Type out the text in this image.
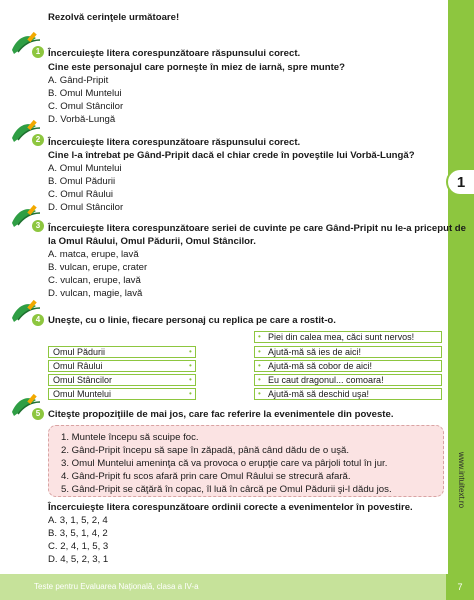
1
www.intuitext.ro
Rezolvă cerinţele următoare!
1 Încercuieşte litera corespunzătoare răspunsului corect.
Cine este personajul care porneşte în miez de iarnă, spre munte?
A. Gând-Pripit
B. Omul Muntelui
C. Omul Stâncilor
D. Vorbă-Lungă
2 Încercuieşte litera corespunzătoare răspunsului corect.
Cine l-a întrebat pe Gând-Pripit dacă el chiar crede în poveştile lui Vorbă-Lungă?
A. Omul Muntelui
B. Omul Pădurii
C. Omul Râului
D. Omul Stâncilor
3 Încercuieşte litera corespunzătoare seriei de cuvinte pe care Gând-Pripit nu le-a priceput de
la Omul Râului, Omul Pădurii, Omul Stâncilor.
A. matca, erupe, lavă
B. vulcan, erupe, crater
C. vulcan, erupe, lavă
D. vulcan, magie, lavă
4 Uneşte, cu o linie, fiecare personaj cu replica pe care a rostit-o.
Omul Pădurii	•
Omul Râului	•
Omul Stâncilor	•
Omul Muntelui	•
• Piei din calea mea, căci sunt nervos!
• Ajută-mă să ies de aici!
• Ajută-mă să cobor de aici!
• Eu caut dragonul... comoara!
• Ajută-mă să deschid uşa!
5 Citeşte propoziţiile de mai jos, care fac referire la evenimentele din poveste.
1. Muntele începu să scuipe foc.
2. Gând-Pripit începu să sape în zăpadă, până când dădu de o uşă.
3. Omul Muntelui ameninţa că va provoca o erupţie care va pârjoli totul în jur.
4. Gând-Pripit fu scos afară prin care Omul Râului se strecură afară.
5. Gând-Pripit se căţără în copac, îl luă în cârcă pe Omul Pădurii şi-l dădu jos.
Încercuieşte litera corespunzătoare ordinii corecte a evenimentelor în povestire.
A. 3, 1, 5, 2, 4
B. 3, 5, 1, 4, 2
C. 2, 4, 1, 5, 3
D. 4, 5, 2, 3, 1
Teste pentru Evaluarea Naţională, clasa a IV-a	7
